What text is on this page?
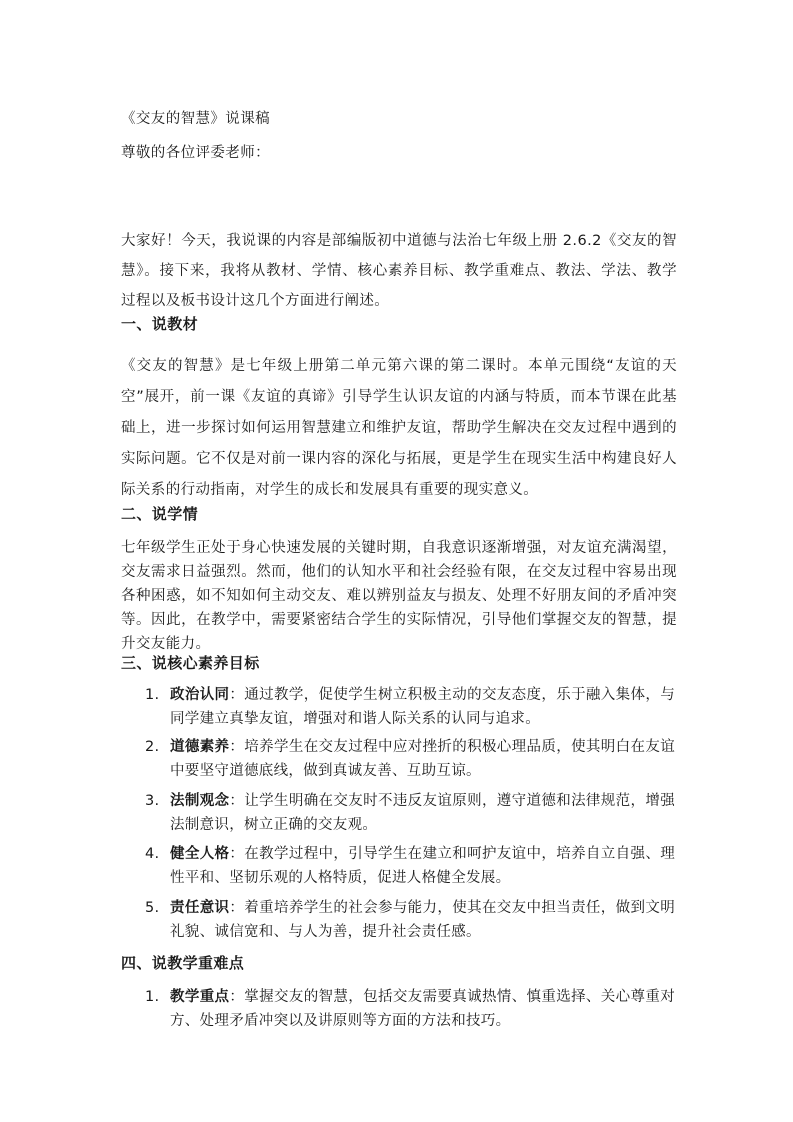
《交友的智慧》说课稿

尊敬的各位评委老师：

大家好！今天，我说课的内容是部编版初中道德与法治七年级上册 2.6.2《交友的智慧》。接下来，我将从教材、学情、核心素养目标、教学重难点、教法、学法、教学过程以及板书设计这几个方面进行阐述。

一、说教材

《交友的智慧》是七年级上册第二单元第六课的第二课时。本单元围绕“友谊的天空”展开，前一课《友谊的真谛》引导学生认识友谊的内涵与特质，而本节课在此基础上，进一步探讨如何运用智慧建立和维护友谊，帮助学生解决在交友过程中遇到的实际问题。它不仅是对前一课内容的深化与拓展，更是学生在现实生活中构建良好人际关系的行动指南，对学生的成长和发展具有重要的现实意义。

二、说学情

七年级学生正处于身心快速发展的关键时期，自我意识逐渐增强，对友谊充满渴望，交友需求日益强烈。然而，他们的认知水平和社会经验有限，在交友过程中容易出现各种困惑，如不知如何主动交友、难以辨别益友与损友、处理不好朋友间的矛盾冲突等。因此，在教学中，需要紧密结合学生的实际情况，引导他们掌握交友的智慧，提升交友能力。

三、说核心素养目标

1. 政治认同：通过教学，促使学生树立积极主动的交友态度，乐于融入集体，与同学建立真挚友谊，增强对和谐人际关系的认同与追求。
2. 道德素养：培养学生在交友过程中应对挫折的积极心理品质，使其明白在友谊中要坚守道德底线，做到真诚友善、互助互谅。
3. 法制观念：让学生明确在交友时不违反友谊原则，遵守道德和法律规范，增强法制意识，树立正确的交友观。
4. 健全人格：在教学过程中，引导学生在建立和呵护友谊中，培养自立自强、理性平和、坚韧乐观的人格特质，促进人格健全发展。
5. 责任意识：着重培养学生的社会参与能力，使其在交友中担当责任，做到文明礼貌、诚信宽和、与人为善，提升社会责任感。

四、说教学重难点

1. 教学重点：掌握交友的智慧，包括交友需要真诚热情、慎重选择、关心尊重对方、处理矛盾冲突以及讲原则等方面的方法和技巧。
